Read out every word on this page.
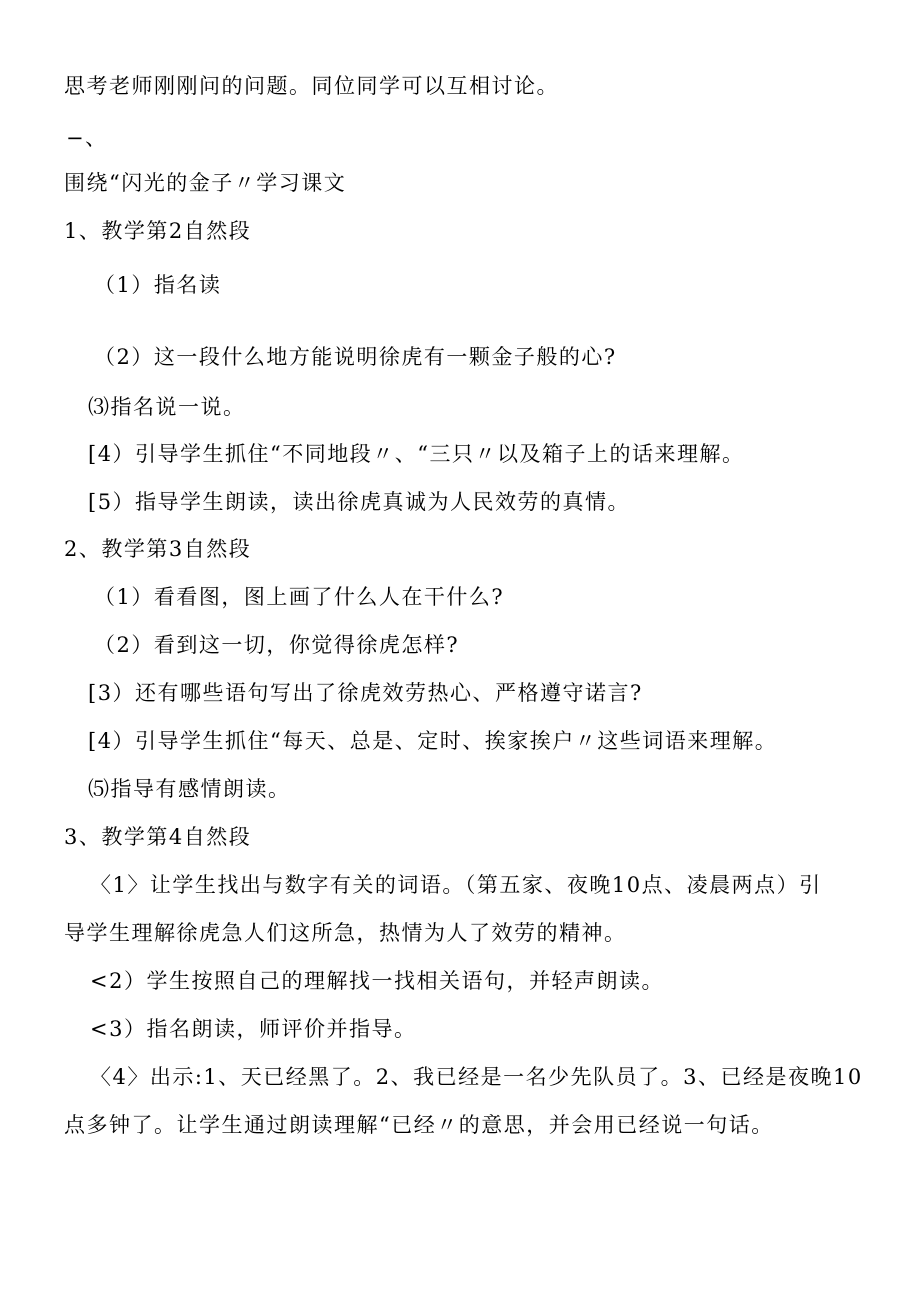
思考老师刚刚问的问题。同位同学可以互相讨论。
−、
围绕“闪光的金子〃学习课文
1、教学第2自然段
（1）指名读
（2）这一段什么地方能说明徐虎有一颗金子般的心?
⑶指名说一说。
[4）引导学生抓住“不同地段〃、“三只〃以及箱子上的话来理解。
[5）指导学生朗读，读出徐虎真诚为人民效劳的真情。
2、教学第3自然段
（1）看看图，图上画了什么人在干什么?
（2）看到这一切，你觉得徐虎怎样?
[3）还有哪些语句写出了徐虎效劳热心、严格遵守诺言?
[4）引导学生抓住“每天、总是、定时、挨家挨户〃这些词语来理解。
⑸指导有感情朗读。
3、教学第4自然段
〈1〉让学生找出与数字有关的词语。（第五家、夜晚10点、凌晨两点）引
导学生理解徐虎急人们这所急，热情为人了效劳的精神。
<2）学生按照自己的理解找一找相关语句，并轻声朗读。
<3）指名朗读，师评价并指导。
〈4〉出示:1、天已经黑了。2、我已经是一名少先队员了。3、已经是夜晚10
点多钟了。让学生通过朗读理解“已经〃的意思，并会用已经说一句话。
